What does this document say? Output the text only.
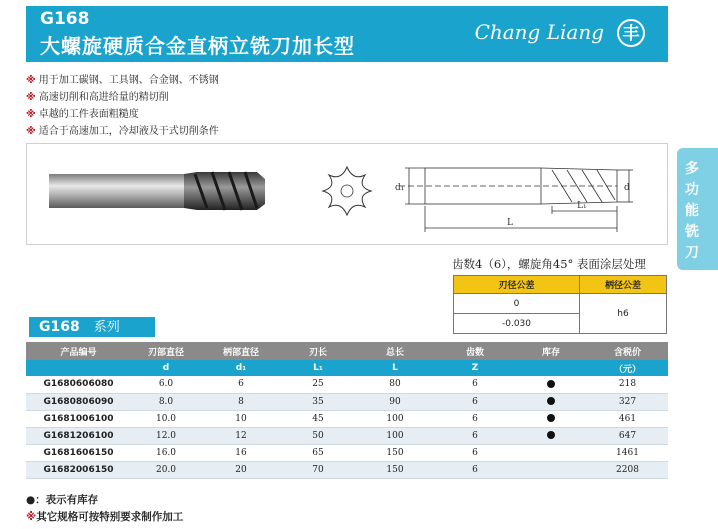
G168
大螺旋硬质合金直柄立铣刀加长型
Chang Liang 丰
多
功
能
铣
刀
※ 用于加工碳钢、工具钢、合金钢、不锈钢
※ 高速切削和高进给量的精切削
※ 卓越的工件表面粗糙度
※ 适合于高速加工，冷却液及干式切削条件
d₁	d
L₁
L
齿数4（6），螺旋角45° 表面涂层处理
刃径公差	柄径公差
0	h6
-0.030	
G168 系列
产品编号	刃部直径	柄部直径	刃长	总长	齿数	库存	含税价
	d	d₁	L₁	L	Z		（元）
G1680606080	6.0	6	25	80	6		218
G1680806090	8.0	8	35	90	6		327
G1681006100	10.0	10	45	100	6		461
G1681206100	12.0	12	50	100	6		647
G1681606150	16.0	16	65	150	6		1461
G1682006150	20.0	20	70	150	6		2208
●：表示有库存
※其它规格可按特别要求制作加工
